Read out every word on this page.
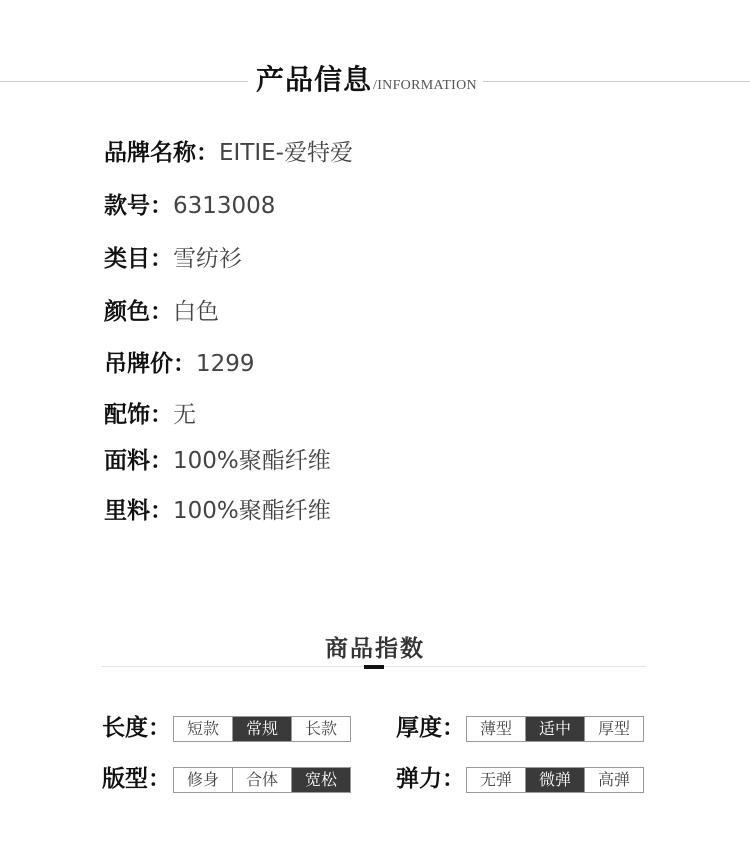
产品信息 /INFORMATION
品牌名称：EITIE-爱特爱
款号：6313008
类目：雪纺衫
颜色：白色
吊牌价：1299
配饰：无
面料：100%聚酯纤维
里料：100%聚酯纤维
商品指数
长度： 短款	常规	长款	厚度： 薄型	适中	厚型
版型： 修身	合体	宽松	弹力： 无弹	微弹	高弹
